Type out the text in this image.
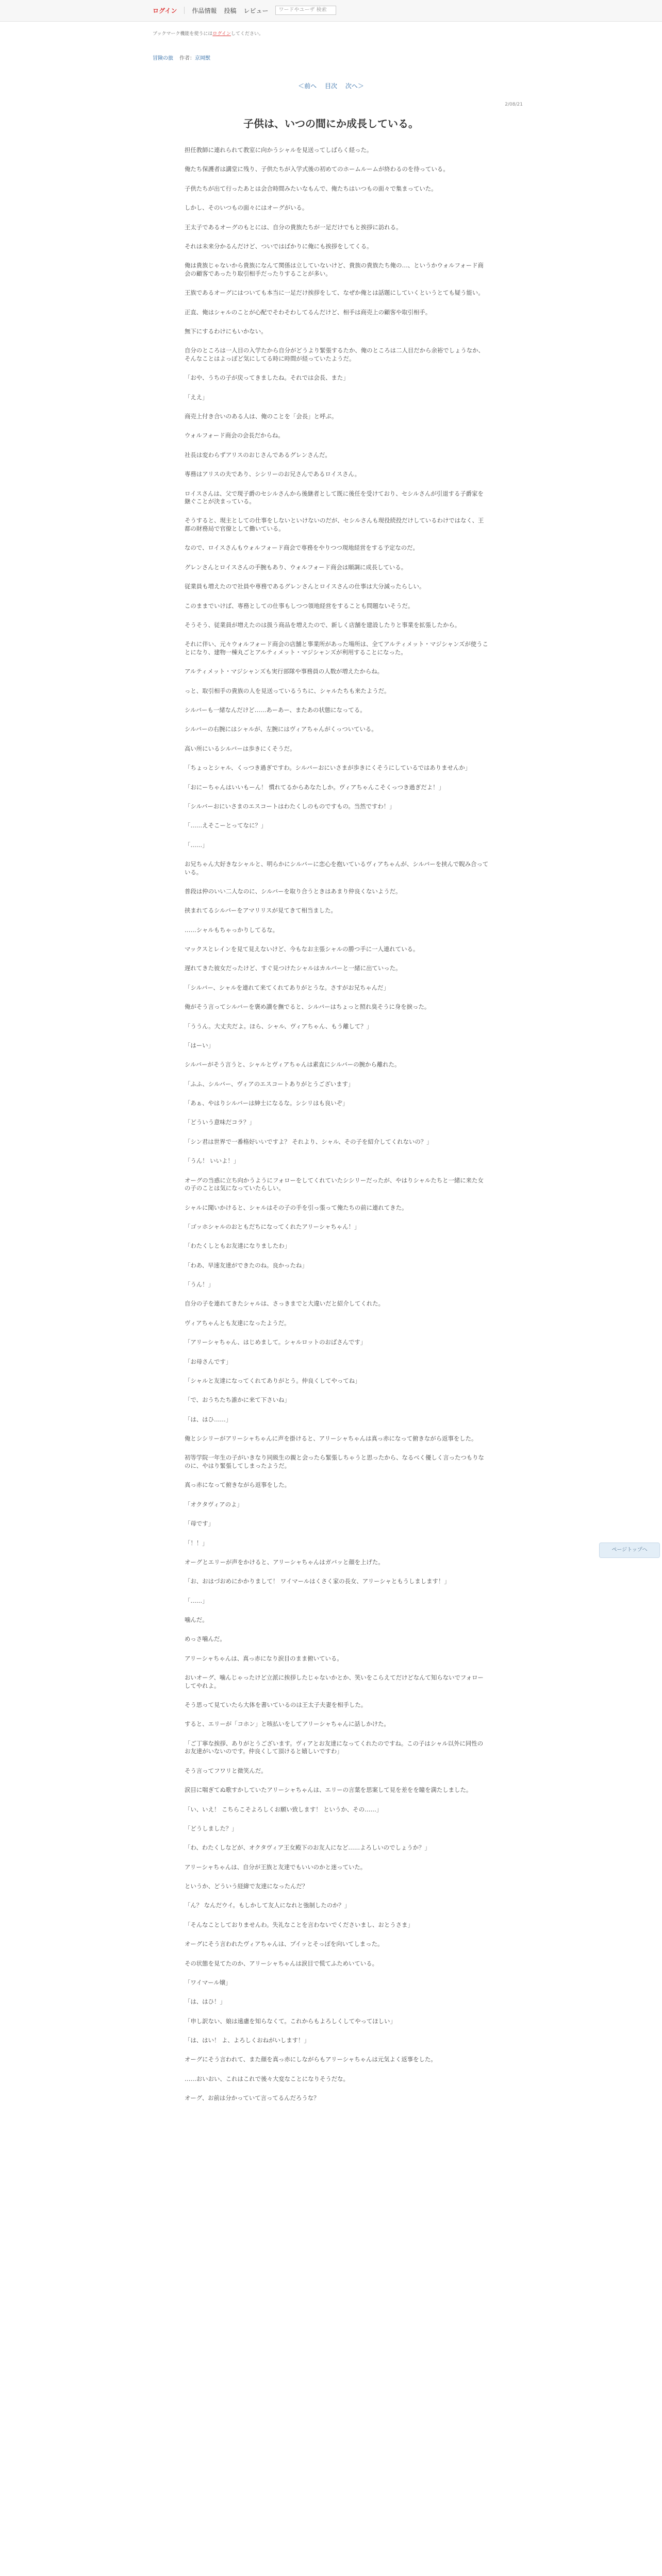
ログイン 作品情報 投稿 レビュー	ワードやユーザ 検索
ブックマーク機能を使うにはログインしてください。
冒険の旅 作者：京岡獣
＜前へ 目次 次へ＞
2/08/21
子供は、いつの間にか成長している。

担任教師に連れられて教室に向かうシャルを見送ってしばらく経った。

俺たち保護者は講堂に残り、子供たちが入学式後の初めてのホームルームが終わるのを待っている。

子供たちが出て行ったあとは会合時間みたいなもんで、俺たちはいつもの面々で集まっていた。

しかし、そのいつもの面々にはオーグがいる。

王太子であるオーグのもとには、自分の貴族たちが一足だけでもと挨拶に訪れる。

それは未来分かるんだけど、ついではばかりに俺にも挨拶をしてくる。

俺は貴族じゃないから貴族になんて関係は立していないけど、貴族の貴族たち俺の…、というかウォルフォード商会の顧客であったり取引相手だったりすることが多い。

王族であるオーグにはついても本当に一足だけ挨拶をして、なぜか俺とは話題にしていくというとても疑う能い。

正直、俺はシャルのことが心配でそわそわしてるんだけど、相手は商売上の顧客や取引相手。

無下にするわけにもいかない。

自分のところは一人目の入学たから自分がどうより緊張するたか、俺のところは二人目だから余裕でしょうなか、そんなことはよっぽど気にしてる時に時間が経っていたようだ。

「おや、うちの子が戻ってきましたね。それでは会長、また」

「ええ」

商売上付き合いのある人は、俺のことを「会長」と呼ぶ。

ウォルフォード商会の会長だからね。

社長は変わらずアリスのおじさんであるグレンさんだ。

専務はアリスの夫であり、シシリーのお兄さんであるロイスさん。

ロイスさんは、父で現子爵のセシルさんから後継者として既に後任を受けており、セシルさんが引退する子爵家を継ぐことが決まっている。

そうすると、現主としての仕事をしないといけないのだが、セシルさんも現役続投だけしているわけではなく、王都の財務局で官僚として働いている。

なので、ロイスさんもウォルフォード商会で専務をやりつつ現地経営をする予定なのだ。

グレンさんとロイスさんの手腕もあり、ウォルフォード商会は順調に成長している。

従業員も増えたので社員や専務であるグレンさんとロイスさんの仕事は大分減ったらしい。

このままでいけば、専務としての仕事もしつつ領地経営をすることも問題ないそうだ。

そうそう、従業員が増えたのは扱う商品を増えたので、新しく店舗を建設したりと事業を拡張したから。

それに伴い、元々ウォルフォード商会の店舗と事業所があった場所は、全てアルティメット・マジシャンズが使うことになり、建物一棟丸ごとアルティメット・マジシャンズが利用することになった。

アルティメット・マジシャンズも実行部隊や事務員の人数が増えたからね。

っと、取引相手の貴族の人を見送っているうちに、シャルたちも来たようだ。

シルバーも一緒なんだけど……あーあー、またあの状態になってる。

シルバーの右腕にはシャルが、左腕にはヴィアちゃんがくっついている。

高い所にいるシルバーは歩きにくそうだ。

「ちょっとシャル、くっつき過ぎですわ。シルバーおにいさまが歩きにくそうにしているではありませんか」

「おにーちゃんはいいもーん！ 慣れてるからあなたしか。ヴィアちゃんこそくっつき過ぎだよ！」

「シルバーおにいさまのエスコートはわたくしのものですもの。当然ですわ！」

「……えそこーとってなに？」

「……」

お兄ちゃん大好きなシャルと、明らかにシルバーに恋心を抱いているヴィアちゃんが、シルバーを挟んで睨み合っている。

普段は仲のいい二人なのに、シルバーを取り合うときはあまり仲良くないようだ。

挟まれてるシルバーをアマリリスが見てきて相当ました。

……シャルもちゃっかりしてるな。

マックスとレインを見て見えないけど、今もなお主張シャルの勝つ手に一人連れている。

遅れてきた彼女だったけど、すぐ見つけたシャルはカルバーと一緒に出ていった。

「シルバー、シャルを連れて来てくれてありがとうな。さすがお兄ちゃんだ」

俺がそう言ってシルバーを褒め讃を撫でると、シルバーはちょっと照れ臭そうに身を捩った。

「ううん。大丈夫だよ。ほら、シャル、ヴィアちゃん、もう離して？」

「はーい」

シルバーがそう言うと、シャルとヴィアちゃんは素直にシルバーの腕から離れた。

「ふふ、シルバー、ヴィアのエスコートありがとうございます」

「あぁ、やはりシルバーは紳士になるな。シシリはも良いぞ」

「どういう意味だコラ？」

「シン君は世界で一番格好いいですよ？ それより、シャル、その子を紹介してくれないの？」

「うん！ いいよ！」

オーグの当惑に立ち向かうようにフォローをしてくれていたシシリーだったが、やはりシャルたちと一緒に来た女の子のことは気になっていたらしい。

シャルに聞いかけると、シャルはその子の手を引っ張って俺たちの前に連れてきた。

「ゴッホシャルのおともだちになってくれたアリーシャちゃん！」

「わたくしともお友達になりましたわ」

「わあ、早速友達ができたのね。良かったね」

「うん！」

自分の子を連れてきたシャルは、さっきまでと大違いだと紹介してくれた。

ヴィアちゃんとも友達になったようだ。

「アリーシャちゃん、はじめまして。シャルロットのおばさんです」

「お母さんです」

「シャルと友達になってくれてありがとう。仲良くしてやってね」

「で、おうちたち誰かに来て下さいね」

「は、はひ……」

俺とシシリーがアリーシャちゃんに声を掛けると、アリーシャちゃんは真っ赤になって俯きながら返事をした。

初等学院一年生の子がいきなり同級生の親と会ったら緊張しちゃうと思ったから、なるべく優しく言ったつもりなのに、やはり緊張してしまったようだ。

真っ赤になって俯きながら返事をした。

「オクタヴィアのよ」

「母です」

「！！」

オーグとエリーが声をかけると、アリーシャちゃんはガバッと顔を上げた。

「お、おはづおめにかかりまして！ ワイマールはくさく家の長女、アリーシャともうしまします！」

「……」

噛んだ。

めっさ噛んだ。

アリーシャちゃんは、真っ赤になり涙目のまま俯いている。

おいオーグ、噛んじゃったけど立派に挨拶したじゃないかとか、笑いをこらえてだけどなんて知らないでフォローしてやれよ。

そう思って見ていたら大体を書いているのは王太子夫妻を相手した。

すると、エリーが「コホン」と咳払いをしてアリーシャちゃんに話しかけた。

「ご丁寧な挨拶、ありがとうございます。ヴィアとお友達になってくれたのですね。この子はシャル以外に同性のお友達がいないのです。仲良くして頂けると嬉しいですわ」

そう言ってフワリと微笑んだ。

涙目に喘ぎてぬ歌すかしていたアリーシャちゃんは、エリーの言葉を思案して見を差をを瞳を満たしました。

「い、いえ！ こちらこそよろしくお願い致します！ というか、その……」

「どうしました？」

「わ、わたくしなどが、オクタヴィア王女殿下のお友人になど……よろしいのでしょうか？」

アリーシャちゃんは、自分が王族と友達でもいいのかと迷っていた。

というか、どういう経緯で友達になったんだ？

「ん？ なんだウイ。もしかして友人になれと強制したのか？」

「そんなことしておりませんわ。失礼なことを言わないでくださいまし、おとうさま」

オーグにそう言われたヴィアちゃんは、プイッとそっぽを向いてしまった。

その状態を見てたのか、アリーシャちゃんは涙目で慌てふためいている。

「ワイマール嬢」

「は、はひ！」

「申し訳ない、娘は遠慮を知らなくて。これからもよろしくしてやってほしい」

「は、はい！ よ、よろしくおねがいします！」

オーグにそう言われて、また顔を真っ赤にしながらもアリーシャちゃんは元気よく返事をした。

……おいおい、これはこれで後々大変なことになりそうだな。

オーグ、お前は分かっていて言ってるんだろうな？

ページトップへ
